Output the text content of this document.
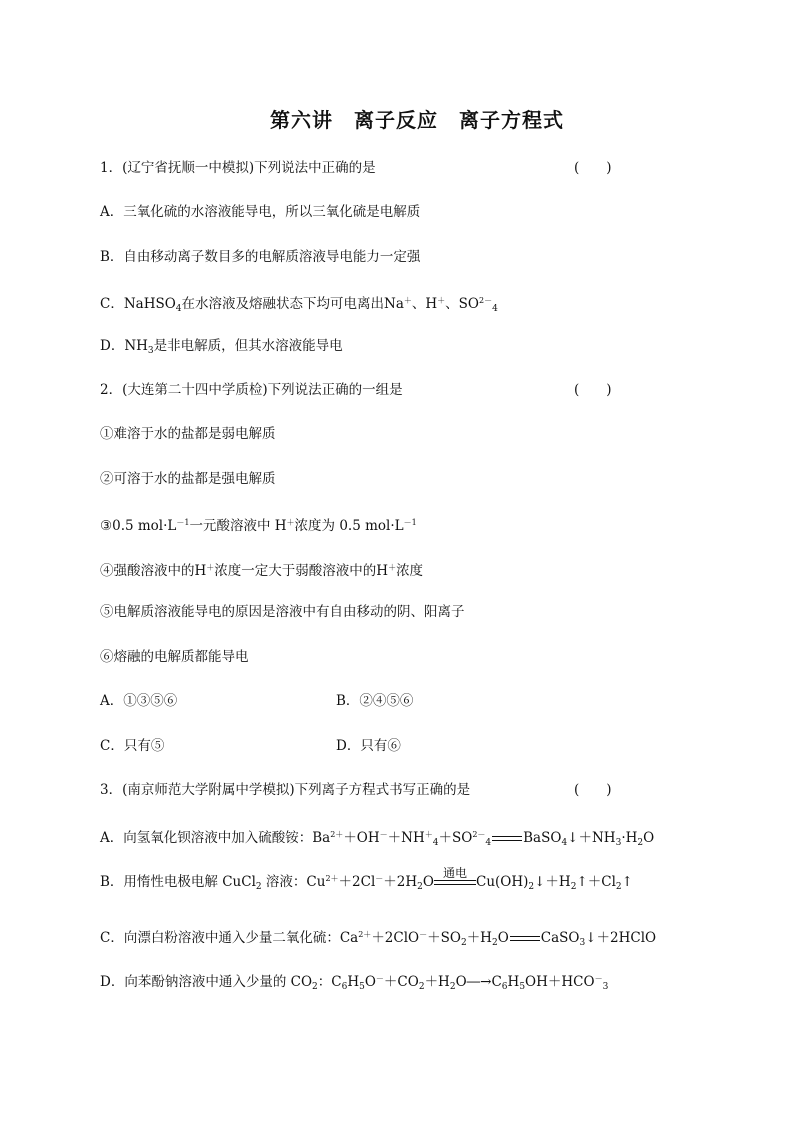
第六讲　离子反应　离子方程式
1．(辽宁省抚顺一中模拟)下列说法中正确的是	(　　)
A．三氧化硫的水溶液能导电，所以三氧化硫是电解质
B．自由移动离子数目多的电解质溶液导电能力一定强
C．NaHSO$_4$在水溶液及熔融状态下均可电离出Na＋、H＋、$SO^{2-}_4$
D．$NH_3$是非电解质，但其水溶液能导电
2．(大连第二十四中学质检)下列说法正确的一组是	(　　)
①难溶于水的盐都是弱电解质
②可溶于水的盐都是强电解质
③0.5 $mol\cdot L^{-1}$一元酸溶液中 H＋浓度为 0.5 $mol\cdot L^{-1}$
④强酸溶液中的H＋浓度一定大于弱酸溶液中的H＋浓度
⑤电解质溶液能导电的原因是溶液中有自由移动的阴、阳离子
⑥熔融的电解质都能导电
A．①③⑤⑥	B．②④⑤⑥
C．只有⑤	D．只有⑥
3．(南京师范大学附属中学模拟)下列离子方程式书写正确的是	(　　)
A．向氢氧化钡溶液中加入硫酸铵：$Ba^{2+}+OH^-+NH^+_4+SO^{2-}_4$ $BaSO_4↓+NH_3\cdot H_2O$
B．用惰性电极电解 CuCl$_2$ 溶液：$Cu^{2+}+2Cl^-+2H_2O$
通电
$Cu(OH)_2↓+H_2↑+Cl_2↑$
C．向漂白粉溶液中通入少量二氧化硫：$Ca^{2+}+2ClO^-+SO_2+H_2O$ CaSO$_3$↓＋2HClO
D．向苯酚钠溶液中通入少量的 $CO_2$：$C_6H_5O^-+CO_2+H_2O―\to C_6H_5OH+HCO^-_3$
